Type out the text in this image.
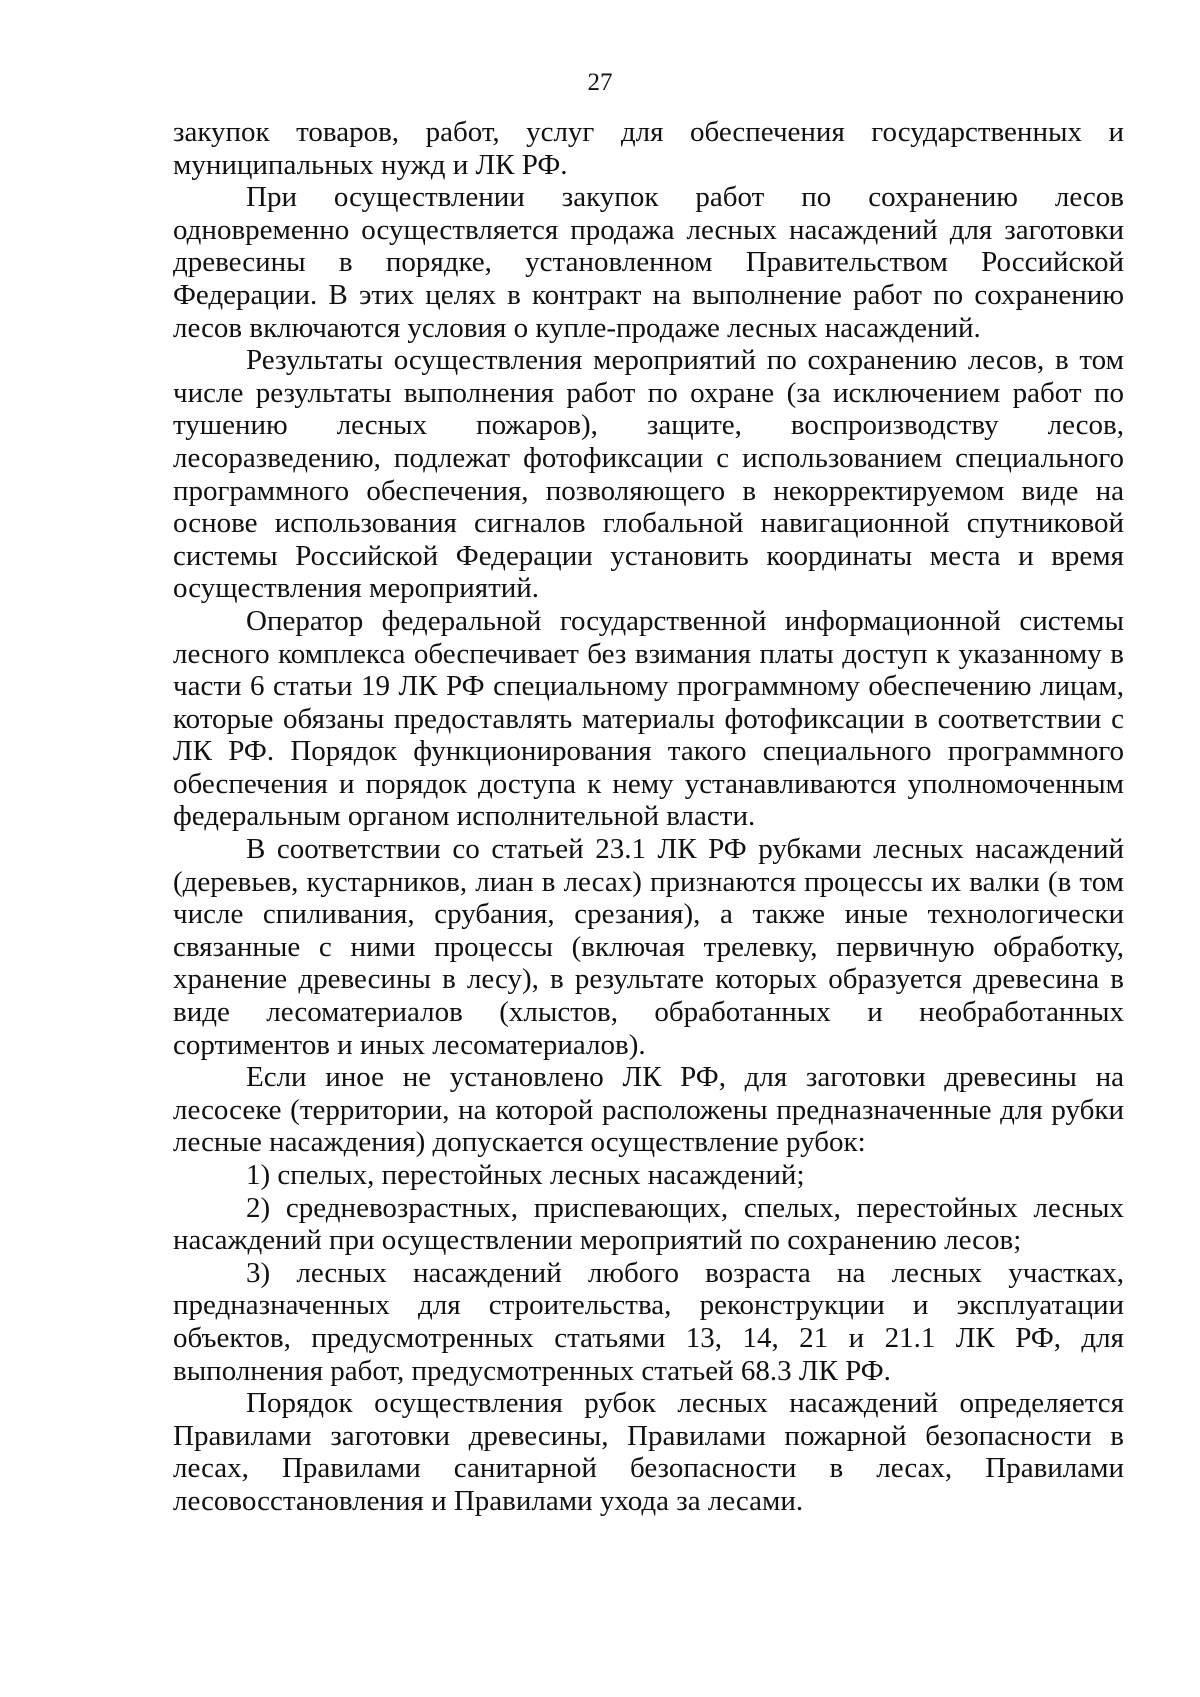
27

закупок товаров, работ, услуг для обеспечения государственных и муниципальных нужд и ЛК РФ.

При осуществлении закупок работ по сохранению лесов одновременно осуществляется продажа лесных насаждений для заготовки древесины в порядке, установленном Правительством Российской Федерации. В этих целях в контракт на выполнение работ по сохранению лесов включаются условия о купле-продаже лесных насаждений.

Результаты осуществления мероприятий по сохранению лесов, в том числе результаты выполнения работ по охране (за исключением работ по тушению лесных пожаров), защите, воспроизводству лесов, лесоразведению, подлежат фотофиксации с использованием специального программного обеспечения, позволяющего в некорректируемом виде на основе использования сигналов глобальной навигационной спутниковой системы Российской Федерации установить координаты места и время осуществления мероприятий.

Оператор федеральной государственной информационной системы лесного комплекса обеспечивает без взимания платы доступ к указанному в части 6 статьи 19 ЛК РФ специальному программному обеспечению лицам, которые обязаны предоставлять материалы фотофиксации в соответствии с ЛК РФ. Порядок функционирования такого специального программного обеспечения и порядок доступа к нему устанавливаются уполномоченным федеральным органом исполнительной власти.

В соответствии со статьей 23.1 ЛК РФ рубками лесных насаждений (деревьев, кустарников, лиан в лесах) признаются процессы их валки (в том числе спиливания, срубания, срезания), а также иные технологически связанные с ними процессы (включая трелевку, первичную обработку, хранение древесины в лесу), в результате которых образуется древесина в виде лесоматериалов (хлыстов, обработанных и необработанных сортиментов и иных лесоматериалов).

Если иное не установлено ЛК РФ, для заготовки древесины на лесосеке (территории, на которой расположены предназначенные для рубки лесные насаждения) допускается осуществление рубок:

1) спелых, перестойных лесных насаждений;

2) средневозрастных, приспевающих, спелых, перестойных лесных насаждений при осуществлении мероприятий по сохранению лесов;

3) лесных насаждений любого возраста на лесных участках, предназначенных для строительства, реконструкции и эксплуатации объектов, предусмотренных статьями 13, 14, 21 и 21.1 ЛК РФ, для выполнения работ, предусмотренных статьей 68.3 ЛК РФ.

Порядок осуществления рубок лесных насаждений определяется Правилами заготовки древесины, Правилами пожарной безопасности в лесах, Правилами санитарной безопасности в лесах, Правилами лесовосстановления и Правилами ухода за лесами.
